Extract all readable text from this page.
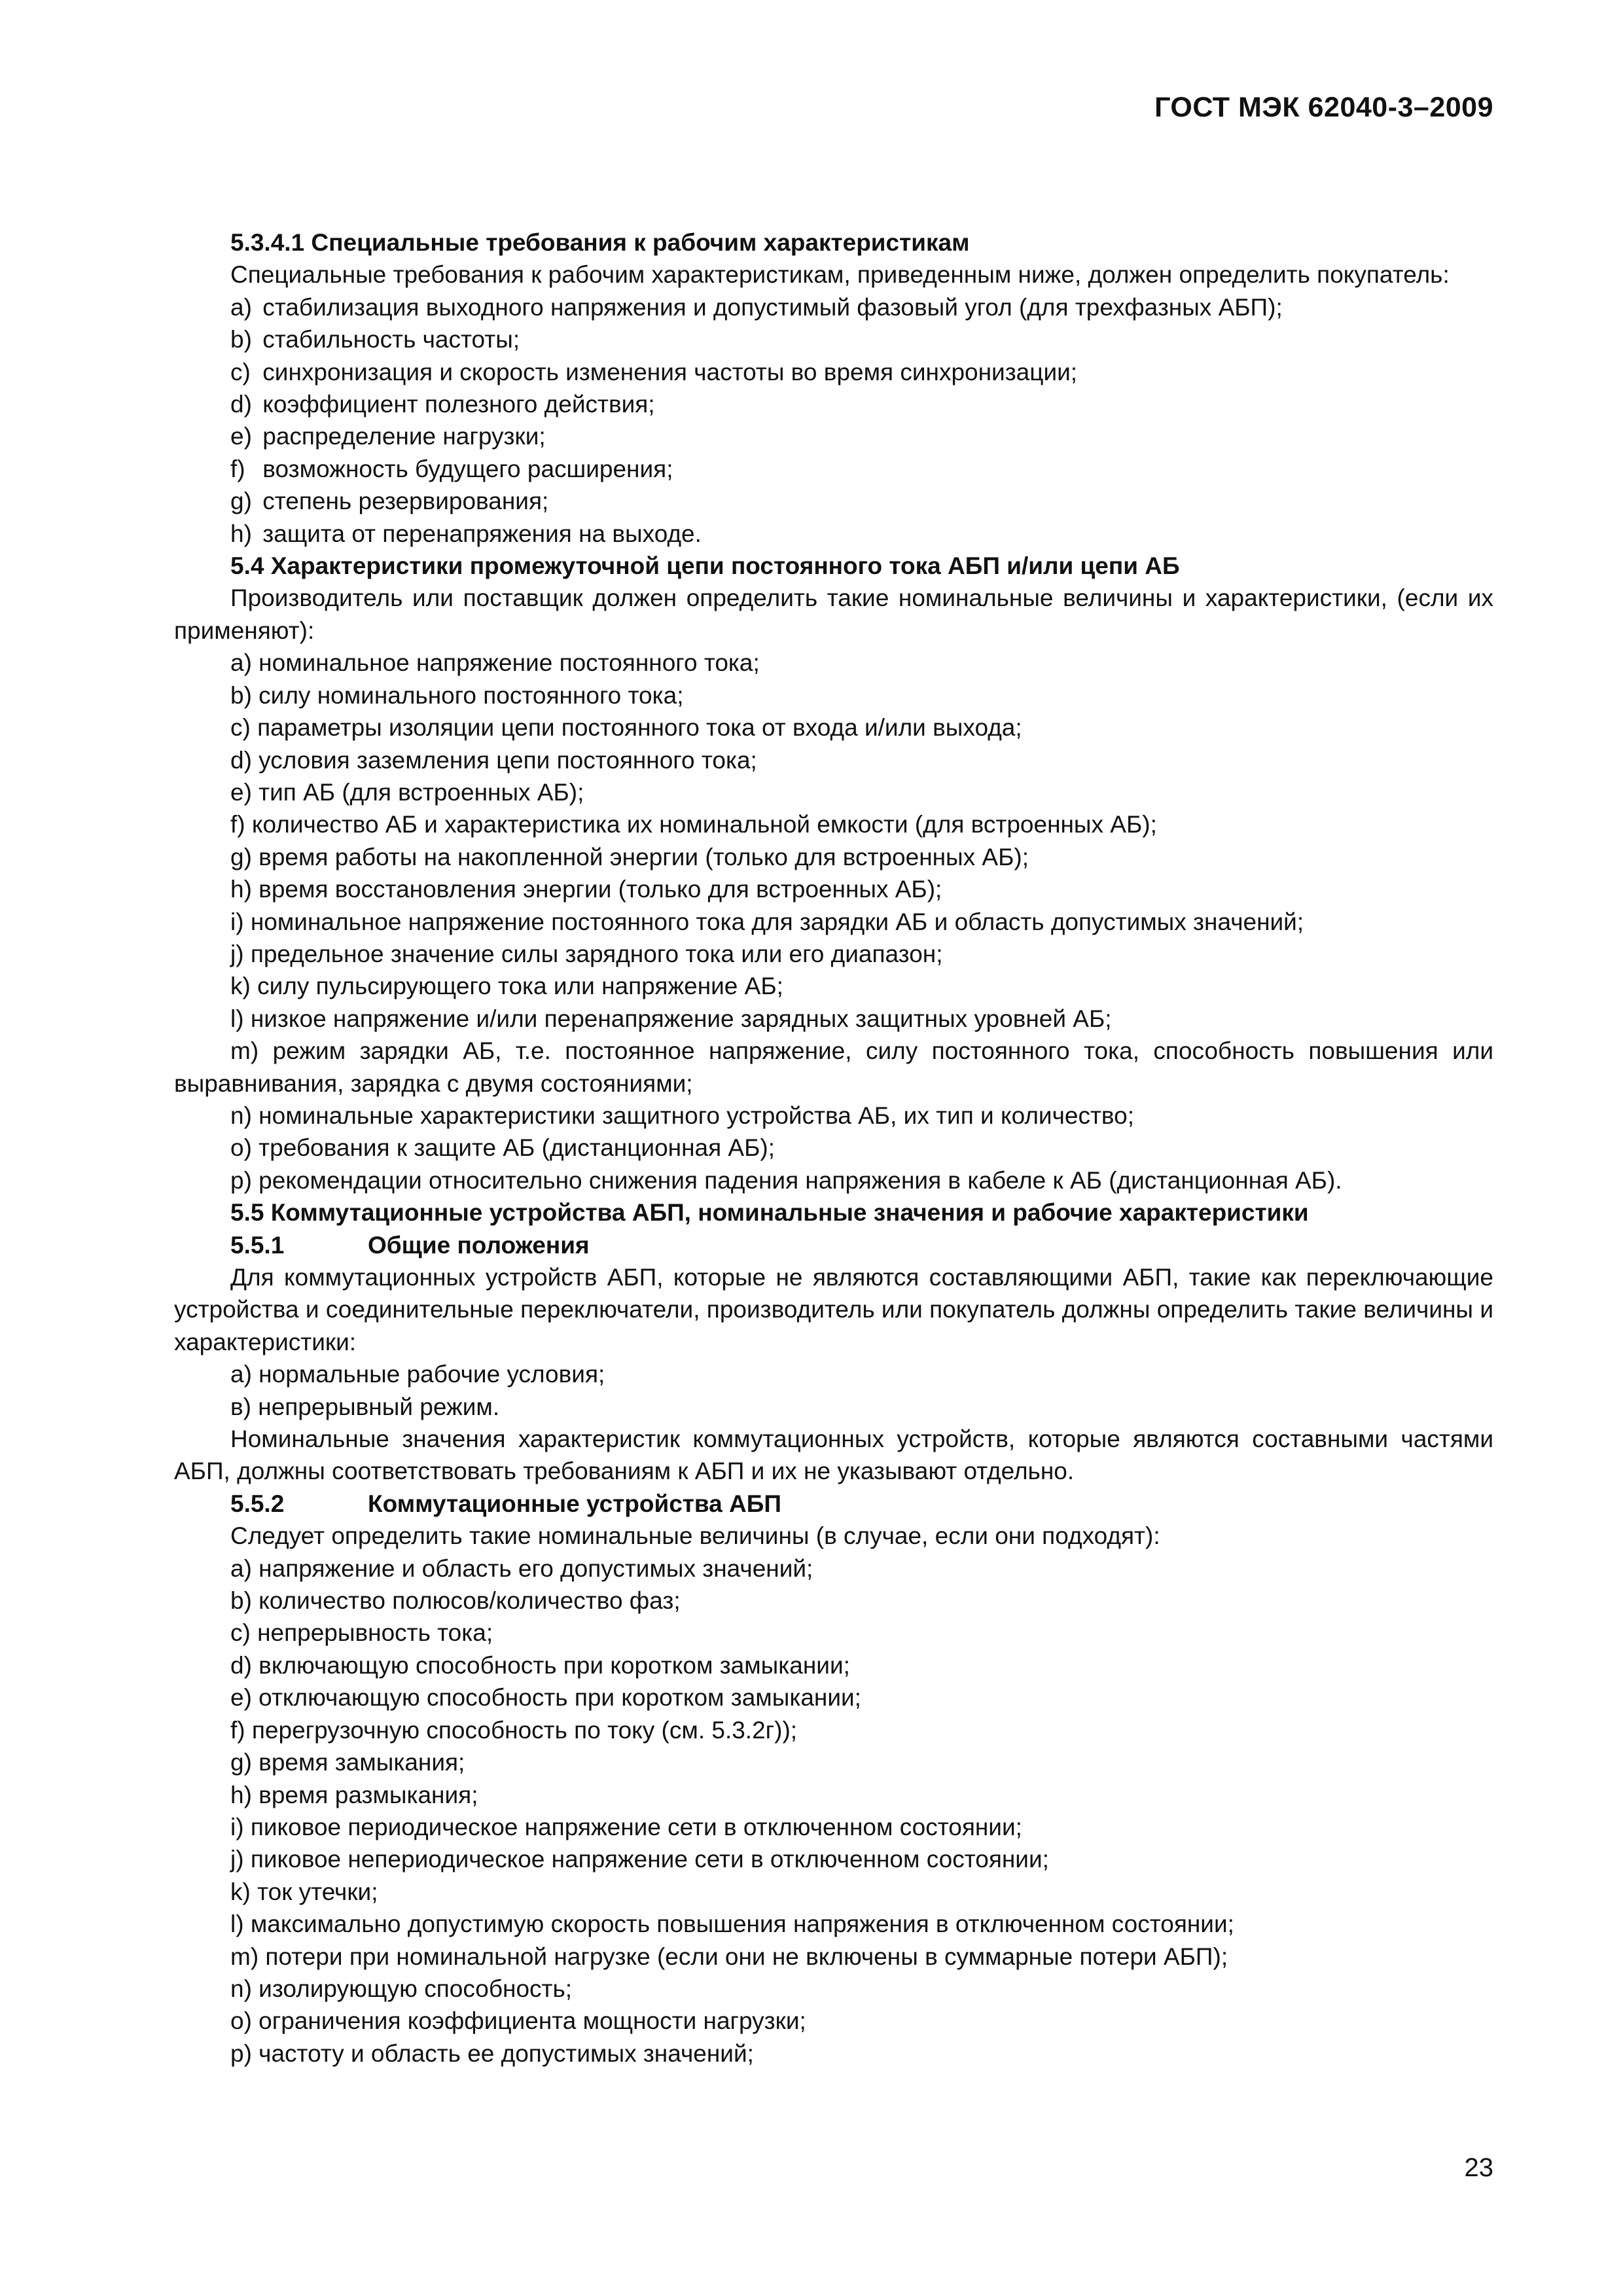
ГОСТ МЭК 62040-3–2009

5.3.4.1 Специальные требования к рабочим характеристикам

Специальные требования к рабочим характеристикам, приведенным ниже, должен определить покупатель:

a) стабилизация выходного напряжения и допустимый фазовый угол (для трехфазных АБП);

b) стабильность частоты;

c) синхронизация и скорость изменения частоты во время синхронизации;

d) коэффициент полезного действия;

e) распределение нагрузки;

f) возможность будущего расширения;

g) степень резервирования;

h) защита от перенапряжения на выходе.

5.4 Характеристики промежуточной цепи постоянного тока АБП и/или цепи АБ

Производитель или поставщик должен определить такие номинальные величины и характеристики, (если их применяют):

a) номинальное напряжение постоянного тока;

b) силу номинального постоянного тока;

c) параметры изоляции цепи постоянного тока от входа и/или выхода;

d) условия заземления цепи постоянного тока;

e) тип АБ (для встроенных АБ);

f) количество АБ и характеристика их номинальной емкости (для встроенных АБ);

g) время работы на накопленной энергии (только для встроенных АБ);

h) время восстановления энергии (только для встроенных АБ);

i) номинальное напряжение постоянного тока для зарядки АБ и область допустимых значений;

j) предельное значение силы зарядного тока или его диапазон;

k) силу пульсирующего тока или напряжение АБ;

l) низкое напряжение и/или перенапряжение зарядных защитных уровней АБ;

m) режим зарядки АБ, т.е. постоянное напряжение, силу постоянного тока, способность повышения или выравнивания, зарядка с двумя состояниями;

n) номинальные характеристики защитного устройства АБ, их тип и количество;

o) требования к защите АБ (дистанционная АБ);

p) рекомендации относительно снижения падения напряжения в кабеле к АБ (дистанционная АБ).

5.5 Коммутационные устройства АБП, номинальные значения и рабочие характеристики

5.5.1	Общие положения

Для коммутационных устройств АБП, которые не являются составляющими АБП, такие как переключающие устройства и соединительные переключатели, производитель или покупатель должны определить такие величины и характеристики:

а) нормальные рабочие условия;

в) непрерывный режим.

Номинальные значения характеристик коммутационных устройств, которые являются составными частями АБП, должны соответствовать требованиям к АБП и их не указывают отдельно.

5.5.2	Коммутационные устройства АБП

Следует определить такие номинальные величины (в случае, если они подходят):

a) напряжение и область его допустимых значений;

b) количество полюсов/количество фаз;

c) непрерывность тока;

d) включающую способность при коротком замыкании;

e) отключающую способность при коротком замыкании;

f) перегрузочную способность по току (см. 5.3.2г));

g) время замыкания;

h) время размыкания;

i) пиковое периодическое напряжение сети в отключенном состоянии;

j) пиковое непериодическое напряжение сети в отключенном состоянии;

k) ток утечки;

l) максимально допустимую скорость повышения напряжения в отключенном состоянии;

m) потери при номинальной нагрузке (если они не включены в суммарные потери АБП);

n) изолирующую способность;

o) ограничения коэффициента мощности нагрузки;

p) частоту и область ее допустимых значений;

23
